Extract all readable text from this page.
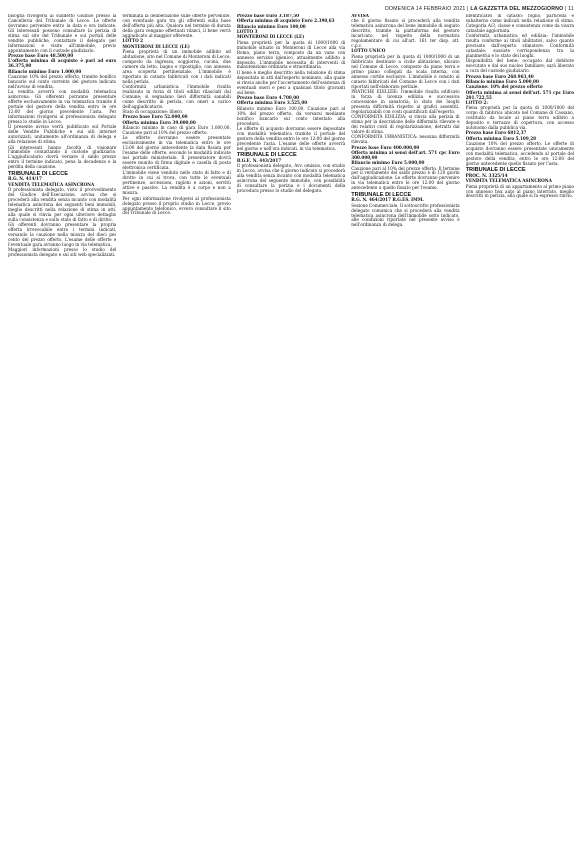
DOMENICA 14 FEBBRAIO 2021 | LA GAZZETTA DEL MEZZOGIORNO | 11

bisogna rivolgersi al suddetto Giudice presso la Cancelleria del Tribunale di Lecce. Le offerte dovranno pervenire entro la data e ora indicate. Gli interessati possono consultare la perizia di stima sul sito del Tribunale e sui portali delle vendite pubbliche, contattare il delegato per informazioni e visite all'immobile, previo appuntamento con il custode giudiziario.

Prezzo base Euro 48.500,00

L'offerta minima di acquisto è pari ad euro 36.375,00

Rilancio minimo Euro 1.000,00

Cauzione 10% del prezzo offerto, tramite bonifico bancario sul conto corrente del gestore indicato nell'avviso di vendita.

La vendita avverrà con modalità telematica asincrona. Gli offerenti potranno presentare offerte esclusivamente in via telematica tramite il portale del gestore della vendita entro le ore 12:00 del giorno precedente l'asta. Per informazioni rivolgersi al professionista delegato presso lo studio in Lecce.

Il presente avviso verrà pubblicato sul Portale delle Vendite Pubbliche e sui siti internet autorizzati, unitamente all'ordinanza di delega e alla relazione di stima.

Gli interessati hanno facoltà di visionare l'immobile contattando il custode giudiziario. L'aggiudicatario dovrà versare il saldo prezzo entro il termine indicato, pena la decadenza e la perdita della cauzione.

TRIBUNALE DI LECCE

R.G. N. 414/17

VENDITA TELEMATICA ASINCRONA

Il professionista delegato, visto il provvedimento del Giudice dell'Esecuzione, avvisa che si procederà alla vendita senza incanto con modalità telematica asincrona dei seguenti beni immobili, meglio descritti nella relazione di stima in atti, alla quale si rinvia per ogni ulteriore dettaglio sulla consistenza e sullo stato di fatto e di diritto.

Gli offerenti dovranno presentare la propria offerta irrevocabile entro i termini indicati, versando la cauzione nella misura del dieci per cento del prezzo offerto. L'esame delle offerte e l'eventuale gara avranno luogo in via telematica.

Maggiori informazioni presso lo studio del professionista delegato e sui siti web specializzati.

terminata la deliberazione sulle offerte pervenute, con eventuale gara tra gli offerenti sulla base dell'offerta più alta. Qualora nel termine di durata della gara vengano effettuati rilanci, il bene verrà aggiudicato al maggior offerente.

LOTTO 2

MONTERONI DI LECCE (LE)

Piena proprietà di un immobile adibito ad abitazione, sito nel Comune di Monteroni di Lecce, composto da ingresso, soggiorno, cucina, due camere da letto, bagno e ripostiglio, con annessa area scoperta pertinenziale. L'immobile è riportato in catasto fabbricati con i dati indicati nella perizia.

Conformità urbanistica: l'immobile risulta realizzato in forza di titoli edilizi rilasciati dal Comune; si segnalano lievi difformità sanabili come descritto in perizia, con oneri a carico dell'aggiudicatario.

Stato di occupazione: libero.

Prezzo base Euro 52.000,00

Offerta minima Euro 39.000,00

Rilancio minimo in caso di gara Euro 1.000,00. Cauzione pari al 10% del prezzo offerto.

Le offerte dovranno essere presentate esclusivamente in via telematica entro le ore 12:00 del giorno antecedente la data fissata per l'esame delle offerte, secondo le modalità indicate nel portale ministeriale. Il presentatore dovrà essere munito di firma digitale e casella di posta elettronica certificata.

L'immobile viene venduto nello stato di fatto e di diritto in cui si trova, con tutte le eventuali pertinenze, accessioni, ragioni e azioni, servitù attive e passive. La vendita è a corpo e non a misura.

Per ogni informazione rivolgersi al professionista delegato presso il proprio studio in Lecce, previo appuntamento telefonico, ovvero consultare il sito del Tribunale di Lecce.

Prezzo base Euro 3.187,50

Offerta minima di acquisto Euro 2.390,63

Rilancio minimo Euro 100,00

LOTTO 3

MONTERONI DI LECCE (LE)

Piena proprietà per la quota di 1000/1000 di immobile situato in Monteroni di Lecce alla via Roma, piano terra, composto da un vano con annesso servizio igienico, attualmente adibito a deposito. L'immobile necessita di interventi di manutenzione ordinaria e straordinaria.

Il bene è meglio descritto nella relazione di stima depositata in atti dall'esperto nominato, alla quale si rinvia anche per l'accertamento dell'esistenza di eventuali oneri e pesi a qualsiasi titolo gravanti sul bene.

Prezzo base Euro 4.700,00

Offerta minima Euro 3.525,00

Rilancio minimo Euro 100,00. Cauzione pari al 10% del prezzo offerto, da versarsi mediante bonifico bancario sul conto intestato alla procedura.

Le offerte di acquisto dovranno essere depositate con modalità telematica tramite il portale del gestore della vendita entro le ore 12:00 del giorno precedente l'asta. L'esame delle offerte avverrà nel giorno e nell'ora indicati, in via telematica.

TRIBUNALE DI LECCE

R.G.E. N. 443/2017

Il professionista delegato, Avv. omissis, con studio in Lecce, avvisa che il giorno indicato si procederà alla vendita senza incanto con modalità telematica asincrona del seguente immobile, con possibilità di consultare la perizia e i documenti della procedura presso lo studio del delegato.

AVVISA

che il giorno fissato si procederà alla vendita telematica asincrona del bene immobile di seguito descritto, tramite la piattaforma del gestore incaricato, nel rispetto della normativa regolamentare di cui all'art. 161 ter disp. att. c.p.c.

LOTTO UNICO

Piena proprietà per la quota di 1000/1000 di un fabbricato destinato a civile abitazione, ubicato nel Comune di Lecce, composto da piano terra e primo piano collegati da scala interna, con annesso cortile esclusivo. L'immobile è censito al catasto fabbricati del Comune di Lecce con i dati riportati nell'elaborato peritale.

PRATICHE EDILIZIE: l'immobile risulta edificato in forza di licenza edilizia e successiva concessione in sanatoria; lo stato dei luoghi presenta difformità rispetto ai grafici assentiti, regolarizzabili con costi quantificati dall'esperto.

CONFORMITÀ EDILIZIA: si rinvia alla perizia di stima per la descrizione delle difformità rilevate e dei relativi costi di regolarizzazione, detratti dal valore di stima.

CONFORMITÀ URBANISTICA: nessuna difformità rilevata.

Prezzo base Euro 400.000,00

Offerta minima ai sensi dell'art. 571 cpc Euro 300.000,00

Rilancio minimo Euro 5.000,00

Cauzione pari al 10% del prezzo offerto. Il termine per il versamento del saldo prezzo è di 120 giorni dall'aggiudicazione. Le offerte dovranno pervenire in via telematica entro le ore 12:00 del giorno antecedente a quello fissato per l'esame.

TRIBUNALE DI LECCE

R.G. N. 464/2017 R.G.ES. IMM.

Sezione Commerciale. Il sottoscritto professionista delegato comunica che si procederà alla vendita telematica asincrona dell'immobile sotto indicato, alle condizioni riportate nel presente avviso e nell'ordinanza di delega.

Identificativi in catasto: foglio, particella e subalterno come indicati nella relazione di stima. Categoria A/3, classe e consistenza come da visura catastale aggiornata.

Conformità urbanistica ed edilizia: l'immobile risulta conforme ai titoli abilitativi, salvo quanto precisato dall'esperto stimatore. Conformità catastale: sussiste corrispondenza tra la planimetria e lo stato dei luoghi.

Disponibilità del bene: occupato dal debitore esecutato e dal suo nucleo familiare; sarà liberato a cura del custode giudiziario.

Prezzo base Euro 268.963,40

Rilancio minimo Euro 5.000,00

Cauzione: 10% del prezzo offerto

Offerta minima ai sensi dell'art. 571 cpc Euro 201.722,55

LOTTO 2:

Piena proprietà per la quota di 1000/1000 del corpo di fabbrica ubicato nel Comune di Cassano, costituito da locale al piano terra adibito a deposito e terrazzo di copertura, con accesso autonomo dalla pubblica via.

Prezzo base Euro 6812,37

Offerta minima Euro 5.109,28

Cauzione 10% del prezzo offerto. Le offerte di acquisto dovranno essere presentate unicamente con modalità telematica, accedendo al portale del gestore della vendita, entro le ore 12:00 del giorno antecedente quello fissato per l'asta.

TRIBUNALE DI LECCE

PROC. N. 3325/14

VENDITA TELEMATICA ASINCRONA

Piena proprietà di un appartamento al primo piano con annesso box auto al piano interrato, meglio descritti in perizia, alla quale si fa espresso rinvio.
